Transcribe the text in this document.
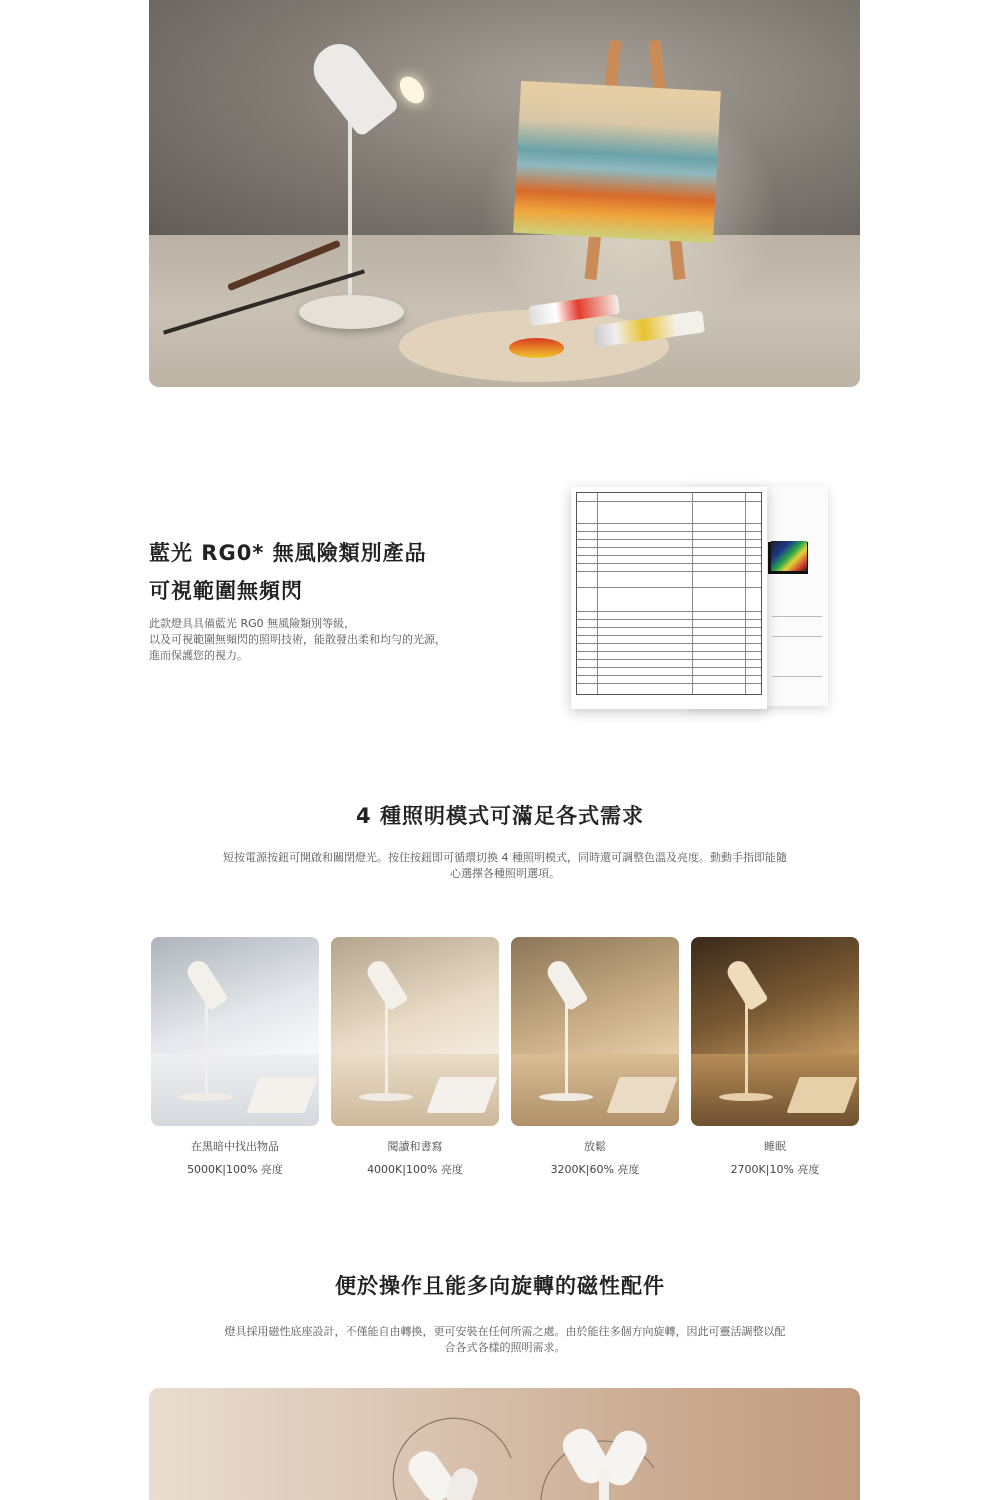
藍光 RG0* 無風險類別產品
可視範圍無頻閃
此款燈具具備藍光 RG0 無風險類別等級，
以及可視範圍無頻閃的照明技術，能散發出柔和均勻的光源，
進而保護您的視力。
4 種照明模式可滿足各式需求
短按電源按鈕可開啟和關閉燈光。按住按鈕即可循環切換 4 種照明模式，同時還可調整色溫及亮度。動動手指即能隨
心選擇各種照明選項。
在黑暗中找出物品	閱讀和書寫	放鬆	睡眠
5000K|100% 亮度	4000K|100% 亮度	3200K|60% 亮度	2700K|10% 亮度
便於操作且能多向旋轉的磁性配件
燈具採用磁性底座設計，不僅能自由轉換，更可安裝在任何所需之處。由於能往多個方向旋轉，因此可靈活調整以配
合各式各樣的照明需求。
